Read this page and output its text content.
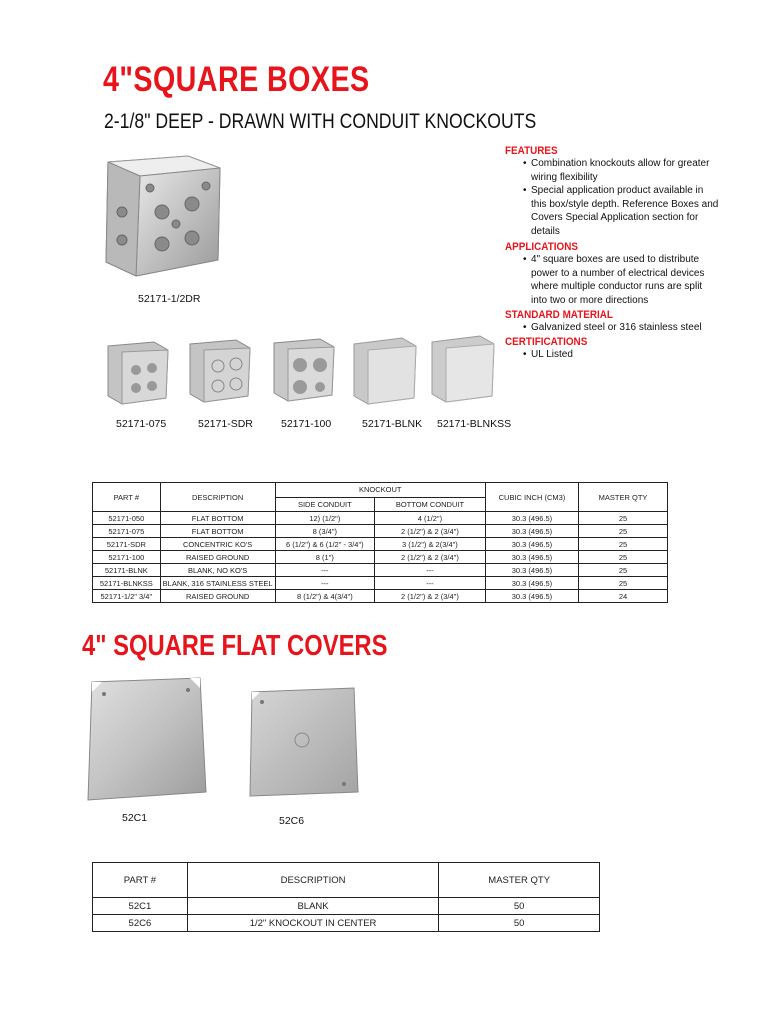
4"SQUARE BOXES
2-1/8" DEEP - DRAWN WITH CONDUIT KNOCKOUTS
52171-1/2DR
FEATURES
• Combination knockouts allow for greater wiring flexibility
• Special application product available in this box/style depth. Reference Boxes and Covers Special Application section for details
APPLICATIONS
• 4" square boxes are used to distribute power to a number of electrical devices where multiple conductor runs are split into two or more directions
STANDARD MATERIAL
• Galvanized steel or 316 stainless steel
CERTIFICATIONS
• UL Listed
52171-075	52171-SDR	52171-100	52171-BLNK 52171-BLNKSS
PART #	DESCRIPTION	KNOCKOUT		CUBIC INCH (CM3)	MASTER QTY
		SIDE CONDUIT	BOTTOM CONDUIT		
52171-050	FLAT BOTTOM	12) (1/2")	4 (1/2")	30.3 (496.5)	25
52171-075	FLAT BOTTOM	8 (3/4")	2 (1/2") & 2 (3/4")	30.3 (496.5)	25
52171-SDR	CONCENTRIC KO'S	6 (1/2") & 6 (1/2" - 3/4")	3 (1/2") & 2(3/4")	30.3 (496.5)	25
52171-100	RAISED GROUND	8 (1")	2 (1/2") & 2 (3/4")	30.3 (496.5)	25
52171-BLNK	BLANK, NO KO'S	---	---	30.3 (496.5)	25
52171-BLNKSS	BLANK, 316 STAINLESS STEEL	---	---	30.3 (496.5)	25
52171-1/2" 3/4"	RAISED GROUND	8 (1/2") & 4(3/4")	2 (1/2") & 2 (3/4")	30.3 (496.5)	24
4" SQUARE FLAT COVERS
52C1	52C6
PART #	DESCRIPTION	MASTER QTY
52C1	BLANK	50
52C6	1/2" KNOCKOUT IN CENTER	50
